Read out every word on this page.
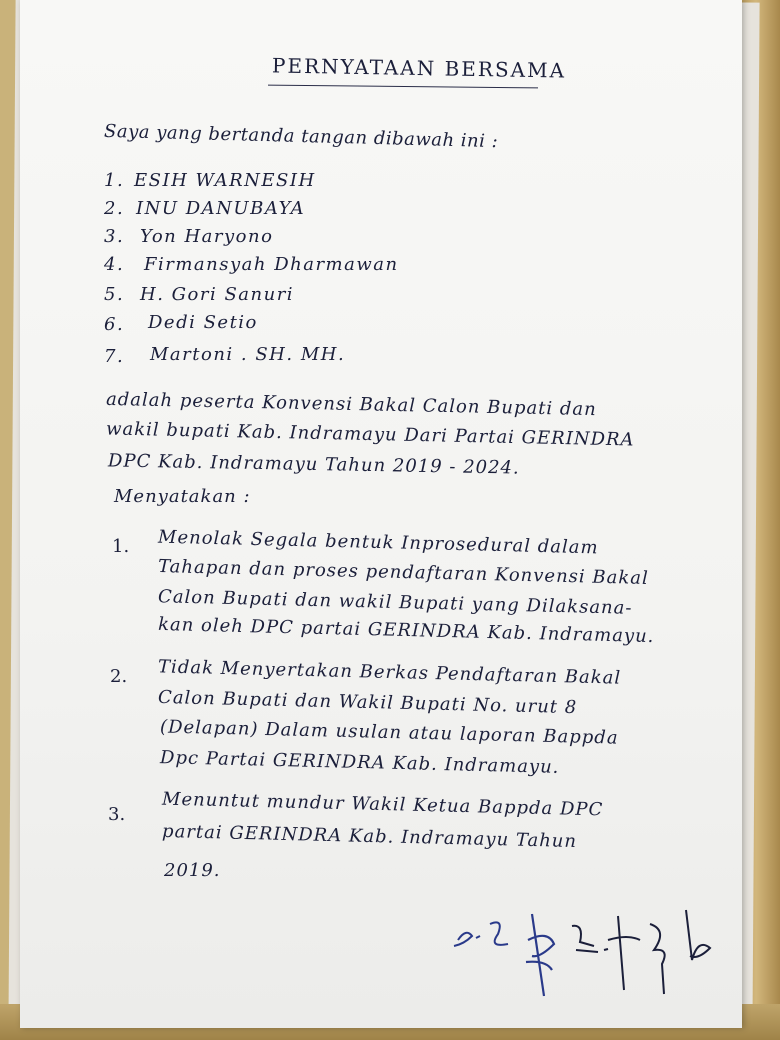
PERNYATAAN BERSAMA
Saya yang bertanda tangan dibawah ini :
1. ESIH WARNESIH
2. INU DANUBAYA
3. Yon Haryono
4. Firmansyah Dharmawan
5. H. Gori Sanuri
6. Dedi Setio
7. Martoni . SH. MH.
adalah peserta Konvensi Bakal Calon Bupati dan
wakil bupati Kab. Indramayu Dari Partai GERINDRA
DPC Kab. Indramayu Tahun 2019 - 2024.
Menyatakan :
1. Menolak Segala bentuk Inprosedural dalam
Tahapan dan proses pendaftaran Konvensi Bakal
Calon Bupati dan wakil Bupati yang Dilaksana-
kan oleh DPC partai GERINDRA Kab. Indramayu.
2. Tidak Menyertakan Berkas Pendaftaran Bakal
Calon Bupati dan Wakil Bupati No. urut 8
(Delapan) Dalam usulan atau laporan Bappda
Dpc Partai GERINDRA Kab. Indramayu.
3. Menuntut mundur Wakil Ketua Bappda DPC
partai GERINDRA Kab. Indramayu Tahun
2019.
